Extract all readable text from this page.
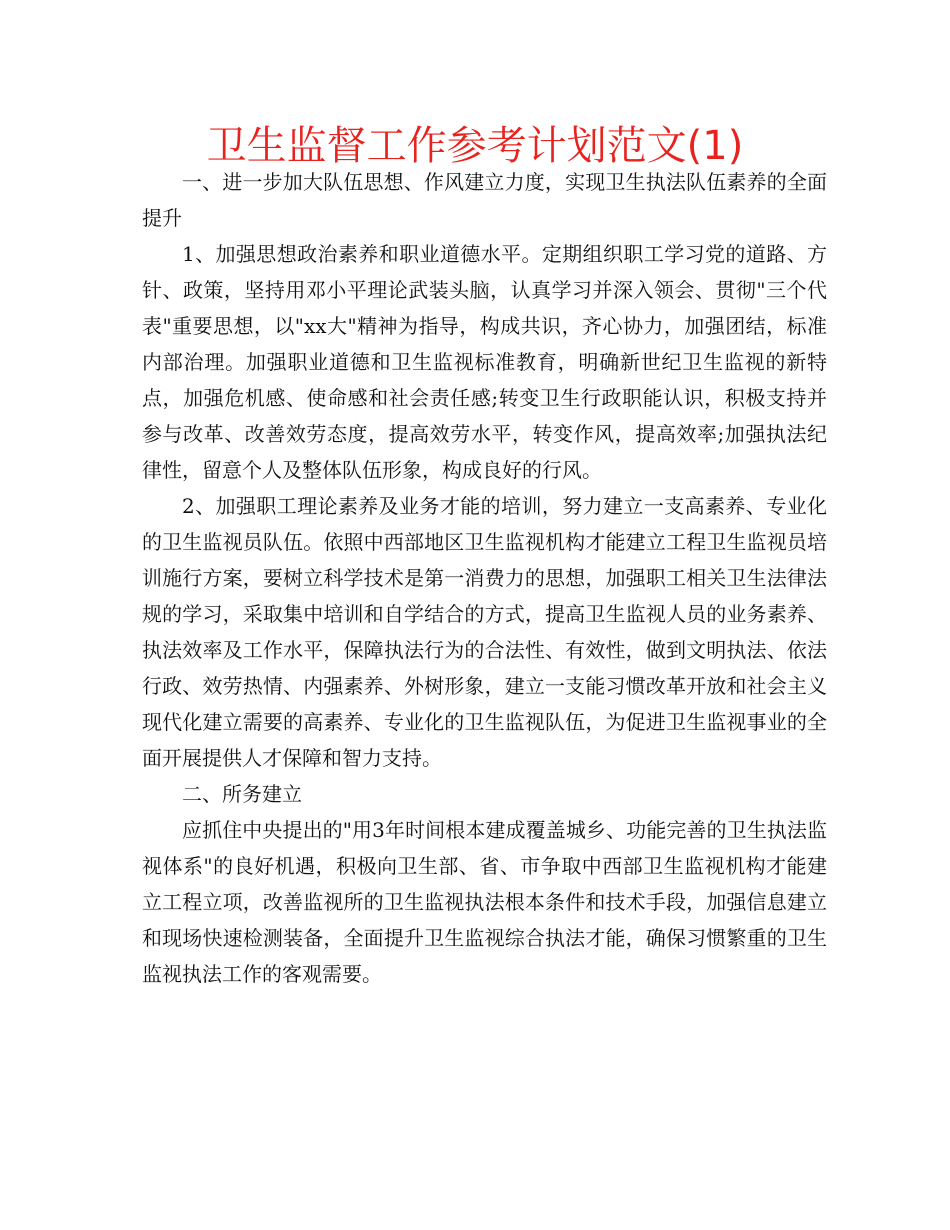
卫生监督工作参考计划范文(1)

一、进一步加大队伍思想、作风建立力度，实现卫生执法队伍素养的全面提升

1、加强思想政治素养和职业道德水平。定期组织职工学习党的道路、方针、政策，坚持用邓小平理论武装头脑，认真学习并深入领会、贯彻"三个代表"重要思想，以"xx大"精神为指导，构成共识，齐心协力，加强团结，标准内部治理。加强职业道德和卫生监视标准教育，明确新世纪卫生监视的新特点，加强危机感、使命感和社会责任感;转变卫生行政职能认识，积极支持并参与改革、改善效劳态度，提高效劳水平，转变作风，提高效率;加强执法纪律性，留意个人及整体队伍形象，构成良好的行风。

2、加强职工理论素养及业务才能的培训，努力建立一支高素养、专业化的卫生监视员队伍。依照中西部地区卫生监视机构才能建立工程卫生监视员培训施行方案，要树立科学技术是第一消费力的思想，加强职工相关卫生法律法规的学习，采取集中培训和自学结合的方式，提高卫生监视人员的业务素养、执法效率及工作水平，保障执法行为的合法性、有效性，做到文明执法、依法行政、效劳热情、内强素养、外树形象，建立一支能习惯改革开放和社会主义现代化建立需要的高素养、专业化的卫生监视队伍，为促进卫生监视事业的全面开展提供人才保障和智力支持。

二、所务建立

应抓住中央提出的"用3年时间根本建成覆盖城乡、功能完善的卫生执法监视体系"的良好机遇，积极向卫生部、省、市争取中西部卫生监视机构才能建立工程立项，改善监视所的卫生监视执法根本条件和技术手段，加强信息建立和现场快速检测装备，全面提升卫生监视综合执法才能，确保习惯繁重的卫生监视执法工作的客观需要。
